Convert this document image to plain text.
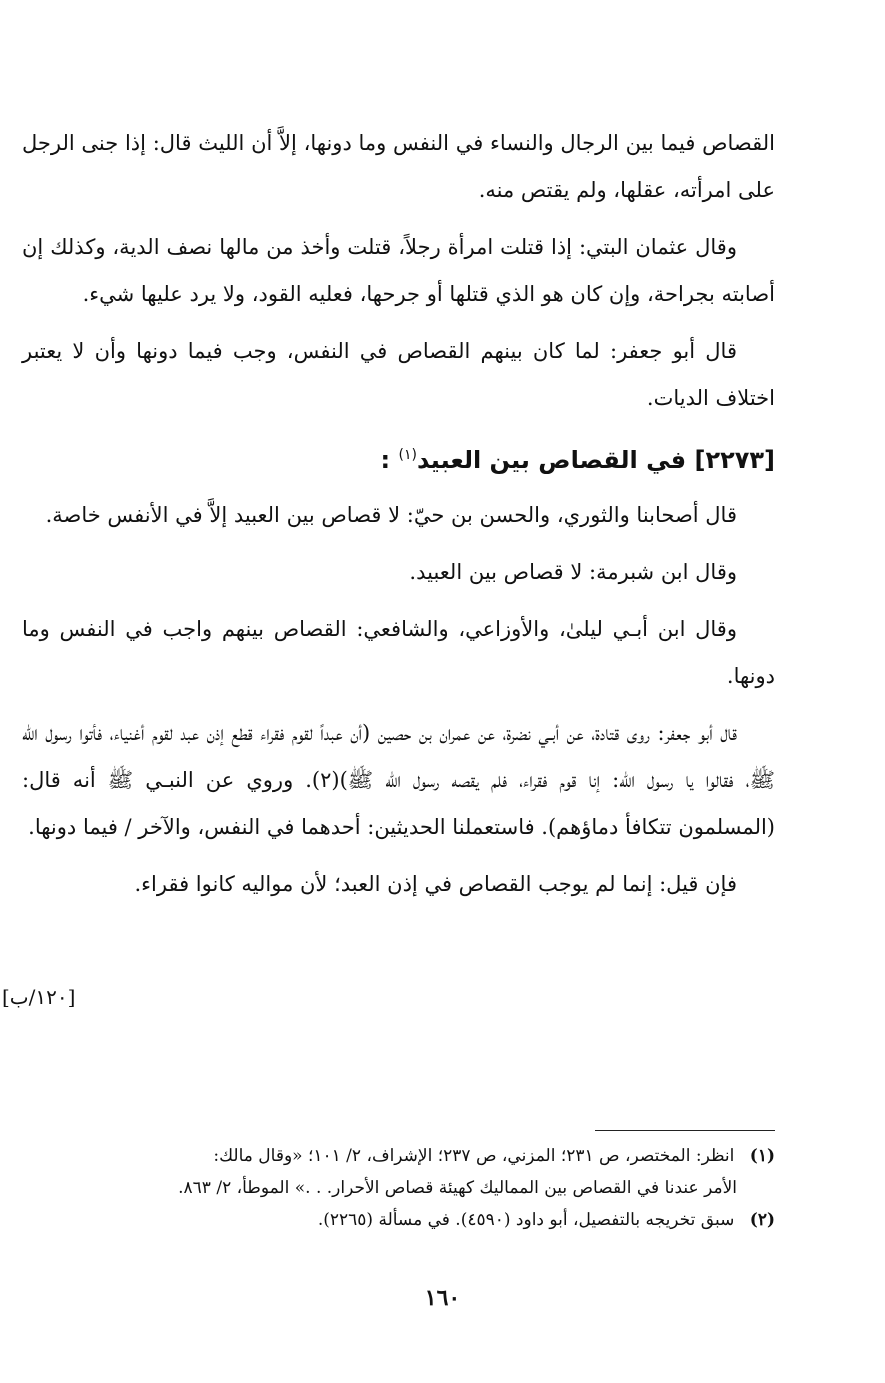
القصاص فيما بين الرجال والنساء في النفس وما دونها، إلاَّ أن الليث قال: إذا جنى الرجل على امرأته، عقلها، ولم يقتص منه.

وقال عثمان البتي: إذا قتلت امرأة رجلاً، قتلت وأخذ من مالها نصف الدية، وكذلك إن أصابته بجراحة، وإن كان هو الذي قتلها أو جرحها، فعليه القود، ولا يرد عليها شيء.

قال أبو جعفر: لما كان بينهم القصاص في النفس، وجب فيما دونها وأن لا يعتبر اختلاف الديات.

[٢٢٧٣] في القصاص بين العبيد$^{(١)}$ :

قال أصحابنا والثوري، والحسن بن حيّ: لا قصاص بين العبيد إلاَّ في الأنفس خاصة.

وقال ابن شبرمة: لا قصاص بين العبيد.

وقال ابن أبـي ليلىٰ، والأوزاعي، والشافعي: القصاص بينهم واجب في النفس وما دونها.

قال أبو جعفر: روى قتادة، عن أبـي نضرة، عن عمران بن حصين (أن عبداً لقوم فقراء قطع إذن عبد لقوم أغنياء، فأتوا رسول الله ﷺ، فقالوا يا رسول الله: إنا قوم فقراء، فلم يقصه رسول الله ﷺ)(٢). وروي عن النبـي ﷺ أنه قال: (المسلمون تتكافأ دماؤهم). فاستعملنا الحديثين: أحدهما في النفس، والآخر / فيما دونها.

فإن قيل: إنما لم يوجب القصاص في إذن العبد؛ لأن مواليه كانوا فقراء.

[١٢٠/ب]

(١) انظر: المختصر، ص ٢٣١؛ المزني، ص ٢٣٧؛ الإشراف، ٢/ ١٠١؛ «وقال مالك:

الأمر عندنا في القصاص بين المماليك كهيئة قصاص الأحرار. . .» الموطأ، ٢/ ٨٦٣.

(٢) سبق تخريجه بالتفصيل، أبو داود (٤٥٩٠). في مسألة (٢٢٦٥).

١٦٠
